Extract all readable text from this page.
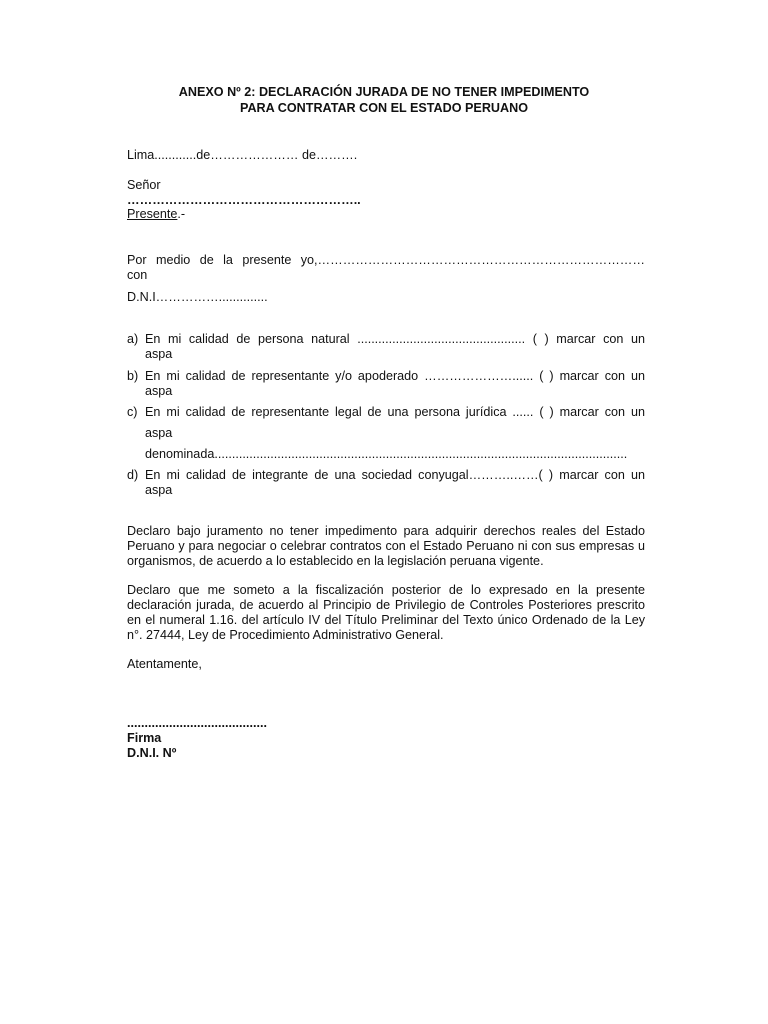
ANEXO Nº 2: DECLARACIÓN JURADA DE NO TENER IMPEDIMENTO
PARA CONTRATAR CON EL ESTADO PERUANO
Lima............de………………… de……….
Señor
………………………………………………..
Presente.-
Por medio de la presente yo,……………………………………………………………………
con
D.N.I……………..............
a) En mi calidad de persona natural ................................................ ( ) marcar con un
aspa
b) En mi calidad de representante y/o apoderado …………………...... ( ) marcar con un
aspa
c) En mi calidad de representante legal de una persona jurídica ...... ( ) marcar con un
aspa
denominada......................................................................................................................
d) En mi calidad de integrante de una sociedad conyugal………..……( ) marcar con un
aspa
Declaro bajo juramento no tener impedimento para adquirir derechos reales del Estado Peruano y para negociar o celebrar contratos con el Estado Peruano ni con sus empresas u organismos, de acuerdo a lo establecido en la legislación peruana vigente.
Declaro que me someto a la fiscalización posterior de lo expresado en la presente declaración jurada, de acuerdo al Principio de Privilegio de Controles Posteriores prescrito en el numeral 1.16. del artículo IV del Título Preliminar del Texto único Ordenado de la Ley n°. 27444, Ley de Procedimiento Administrativo General.
Atentamente,
........................................
Firma
D.N.I. Nº
